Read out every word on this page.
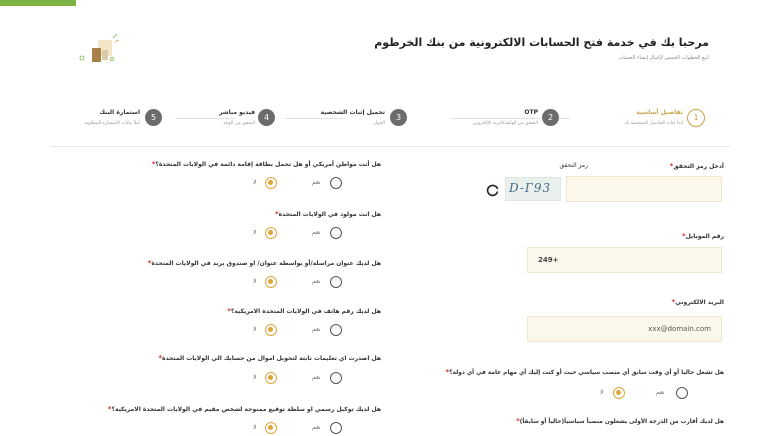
مرحبا بك في خدمة فتح الحسابات الالكترونية من بنك الخرطوم
اتبع الخطوات الخمس لإكمال إنشاء الحساب
1
تفاصيل أساسية
ابدأ كتابة التفاصيل الشخصية بك
2
OTP
التحقق من الهاتف/البريد الإلكتروني
3
تحميل إثبات الشخصية
الجواز
4
فيديو مباشر
التحقق من الوجه
5
استمارة البنك
املأ بيانات الاستمارة المطلوبة
أدخل رمز التحقق*
رمز التحقق
D-Г93
رقم الموبايل*
+249
البريد الالكتروني*
xxx@domain.com
هل تشغل حاليا أو أي وقت سابق أي منصب سياسي حيث أو كنت إليك أي مهام عامة في أي دولة؟*
لا	نعم
هل لديك أقارب من الدرجة الأولى يشغلون منصبأ سياسيأ(حاليأ أو سابقأ)*
هل أنت مواطن أمريكي أو هل تحمل بطاقة إقامة دائمة في الولايات المتحدة؟*
لا	نعم
هل انت مولود في الولايات المتحدة*
لا	نعم
هل لديك عنوان مراسلة/أو بواسطة عنوان/ او صندوق بريد في الولايات المتحدة*
لا	نعم
هل لديك رقم هاتف في الولايات المتحدة الامريكية؟*
لا	نعم
هل اصدرت اي تعليمات ثابتة لتحويل اموال من حسابك الي الولايات المتحدة*
لا	نعم
هل لديك توكيل رسمي او سلطة توقيع ممنوحة لشخص مقيم في الولايات المتحدة الامريكية؟*
لا	نعم
